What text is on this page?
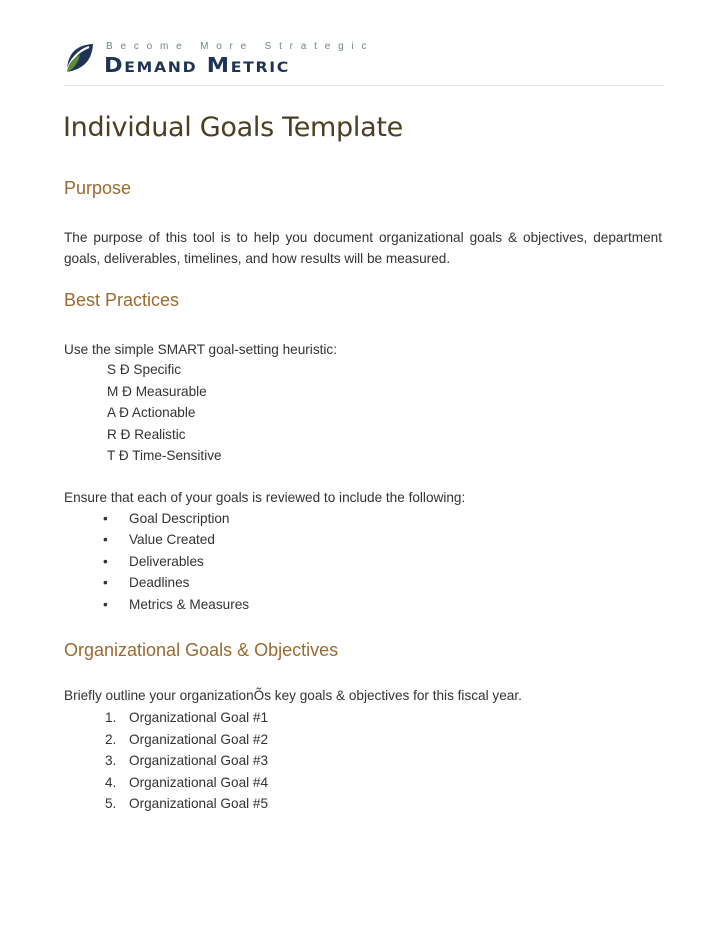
Become More Strategic
Demand Metric
Individual Goals Template
Purpose

The purpose of this tool is to help you document organizational goals & objectives, department goals, deliverables, timelines, and how results will be measured.

Best Practices
Use the simple SMART goal-setting heuristic:
S Ð Specific
M Ð Measurable
A Ð Actionable
R Ð Realistic
T Ð Time-Sensitive
Ensure that each of your goals is reviewed to include the following:
• Goal Description
• Value Created
• Deliverables
• Deadlines
• Metrics & Measures
Organizational Goals & Objectives
Briefly outline your organizationÕs key goals & objectives for this fiscal year.
1. Organizational Goal #1
2. Organizational Goal #2
3. Organizational Goal #3
4. Organizational Goal #4
5. Organizational Goal #5
